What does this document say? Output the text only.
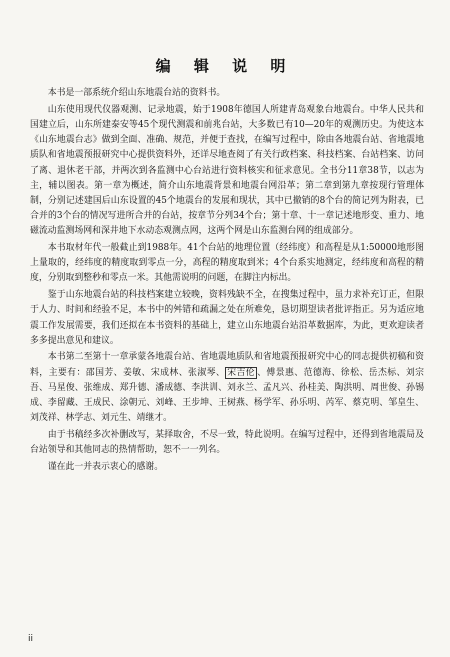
编 辑 说 明

本书是一部系统介绍山东地震台站的资料书。

山东使用现代仪器观测、记录地震，始于1908年德国人所建青岛观象台地震台。中华人民共和国建立后，山东所建泰安等45个现代测震和前兆台站，大多数已有10—20年的观测历史。为使这本《山东地震台志》做到全面、准确、规范，并便于查找，在编写过程中，除由各地震台站、省地震地质队和省地震预报研究中心提供资料外，还详尽地查阅了有关行政档案、科技档案、台站档案、访问了离、退休老干部，并两次到各监测中心台站进行资料核实和征求意见。全书分11章38节，以志为主，辅以图表。第一章为概述，简介山东地震背景和地震台网沿革；第二章到第九章按现行管理体制，分别记述建国后山东设置的45个地震台的发展和现状，其中已撤销的8个台的简记列为附表，已合并的3个台的情况写进所合并的台站，按章节分列34个台；第十章、十一章记述地形变、重力、地磁流动监测场网和深井地下水动态观测点网，这两个网是山东监测台网的组成部分。

本书取材年代一般截止到1988年。41个台站的地理位置（经纬度）和高程是从1:50000地形图上量取的，经纬度的精度取到零点一分，高程的精度取到米；4个台系实地测定，经纬度和高程的精度，分别取到整秒和零点一米。其他需说明的问题，在脚注内标出。

鉴于山东地震台站的科技档案建立较晚，资料残缺不全，在搜集过程中，虽力求补充订正，但限于人力、时间和经验不足，本书中的舛错和疏漏之处在所难免，恳切期望读者批评指正。另为适应地震工作发展需要，我们还拟在本书资料的基础上，建立山东地震台站沿革数据库，为此，更欢迎读者多多提出意见和建议。

本书第二至第十一章承蒙各地震台站、省地震地质队和省地震预报研究中心的同志提供初稿和资料，主要有：邵国芳、姜敏、宋成林、张淑琴、 宋吉伦 、傅景惠、范德海、徐松、岳杰标、刘宗吾、马星俊、张维成、郑升德、潘成德、李洪训、刘永兰、孟凡兴、孙桂美、陶洪明、周世俊、孙锡成、李留藏、王成民、涂朝元、刘峰、王步坤、王树燕、杨学军、孙乐明、芮军、蔡克明、邹皇生、刘茂祥、林学志、刘元生、靖继才。

由于书稿经多次补删改写，某择取舍，不尽一致，特此说明。在编写过程中，还得到省地震局及台站领导和其他同志的热情帮助，恕不一一列名。

谨在此一并表示衷心的感谢。

ii
